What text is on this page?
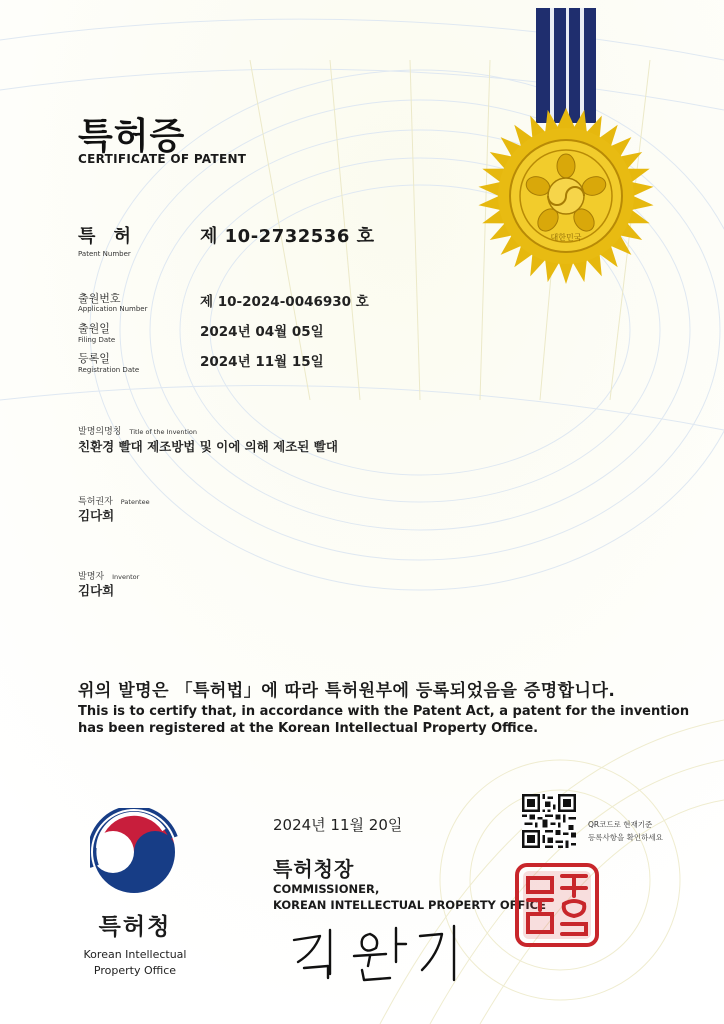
대한민국
특허증
CERTIFICATE OF PATENT
특 허
Patent Number
제 10-2732536 호
출원번호
Application Number	제 10-2024-0046930 호
출원일
Filing Date	2024년 04월 05일
등록일
Registration Date	2024년 11월 15일
발명의명칭 Title of the Invention
친환경 빨대 제조방법 및 이에 의해 제조된 빨대
특허권자 Patentee
김다희
발명자 Inventor
김다희
위의 발명은 「특허법」에 따라 특허원부에 등록되었음을 증명합니다.
This is to certify that, in accordance with the Patent Act, a patent for the invention has been registered at the Korean Intellectual Property Office.
2024년 11월 20일	QR코드로 현재기준
등록사항을 확인하세요
특허청장
COMMISSIONER,
KOREAN INTELLECTUAL PROPERTY OFFICE
특허청
Korean Intellectual
Property Office
